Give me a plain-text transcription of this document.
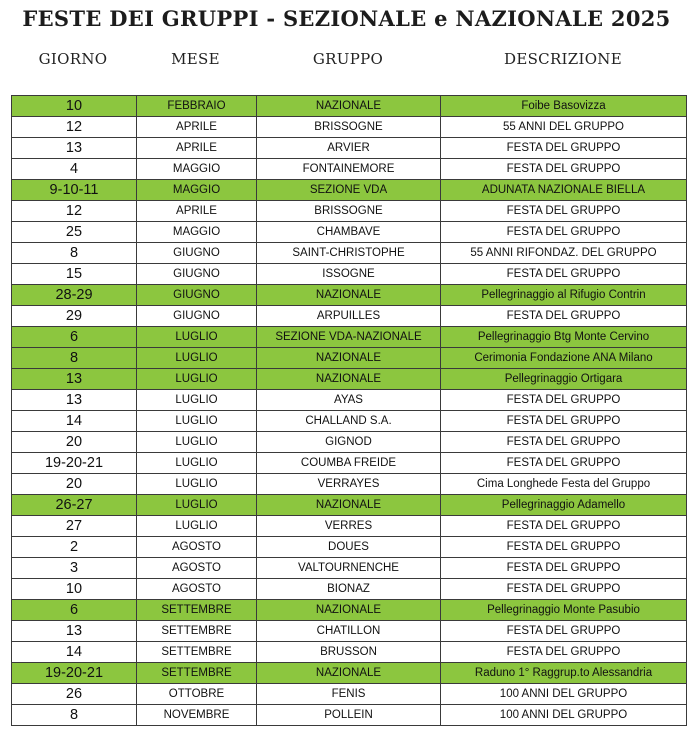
FESTE DEI GRUPPI - SEZIONALE e NAZIONALE 2025
GIORNO	MESE	GRUPPO	DESCRIZIONE
10	FEBBRAIO	NAZIONALE	Foibe Basovizza
12	APRILE	BRISSOGNE	55 ANNI DEL GRUPPO
13	APRILE	ARVIER	FESTA DEL GRUPPO
4	MAGGIO	FONTAINEMORE	FESTA DEL GRUPPO
9-10-11	MAGGIO	SEZIONE VDA	ADUNATA NAZIONALE BIELLA
12	APRILE	BRISSOGNE	FESTA DEL GRUPPO
25	MAGGIO	CHAMBAVE	FESTA DEL GRUPPO
8	GIUGNO	SAINT-CHRISTOPHE	55 ANNI RIFONDAZ. DEL GRUPPO
15	GIUGNO	ISSOGNE	FESTA DEL GRUPPO
28-29	GIUGNO	NAZIONALE	Pellegrinaggio al Rifugio Contrin
29	GIUGNO	ARPUILLES	FESTA DEL GRUPPO
6	LUGLIO	SEZIONE VDA-NAZIONALE	Pellegrinaggio Btg Monte Cervino
8	LUGLIO	NAZIONALE	Cerimonia Fondazione ANA Milano
13	LUGLIO	NAZIONALE	Pellegrinaggio Ortigara
13	LUGLIO	AYAS	FESTA DEL GRUPPO
14	LUGLIO	CHALLAND S.A.	FESTA DEL GRUPPO
20	LUGLIO	GIGNOD	FESTA DEL GRUPPO
19-20-21	LUGLIO	COUMBA FREIDE	FESTA DEL GRUPPO
20	LUGLIO	VERRAYES	Cima Longhede Festa del Gruppo
26-27	LUGLIO	NAZIONALE	Pellegrinaggio Adamello
27	LUGLIO	VERRES	FESTA DEL GRUPPO
2	AGOSTO	DOUES	FESTA DEL GRUPPO
3	AGOSTO	VALTOURNENCHE	FESTA DEL GRUPPO
10	AGOSTO	BIONAZ	FESTA DEL GRUPPO
6	SETTEMBRE	NAZIONALE	Pellegrinaggio Monte Pasubio
13	SETTEMBRE	CHATILLON	FESTA DEL GRUPPO
14	SETTEMBRE	BRUSSON	FESTA DEL GRUPPO
19-20-21	SETTEMBRE	NAZIONALE	Raduno 1° Raggrup.to Alessandria
26	OTTOBRE	FENIS	100 ANNI DEL GRUPPO
8	NOVEMBRE	POLLEIN	100 ANNI DEL GRUPPO
